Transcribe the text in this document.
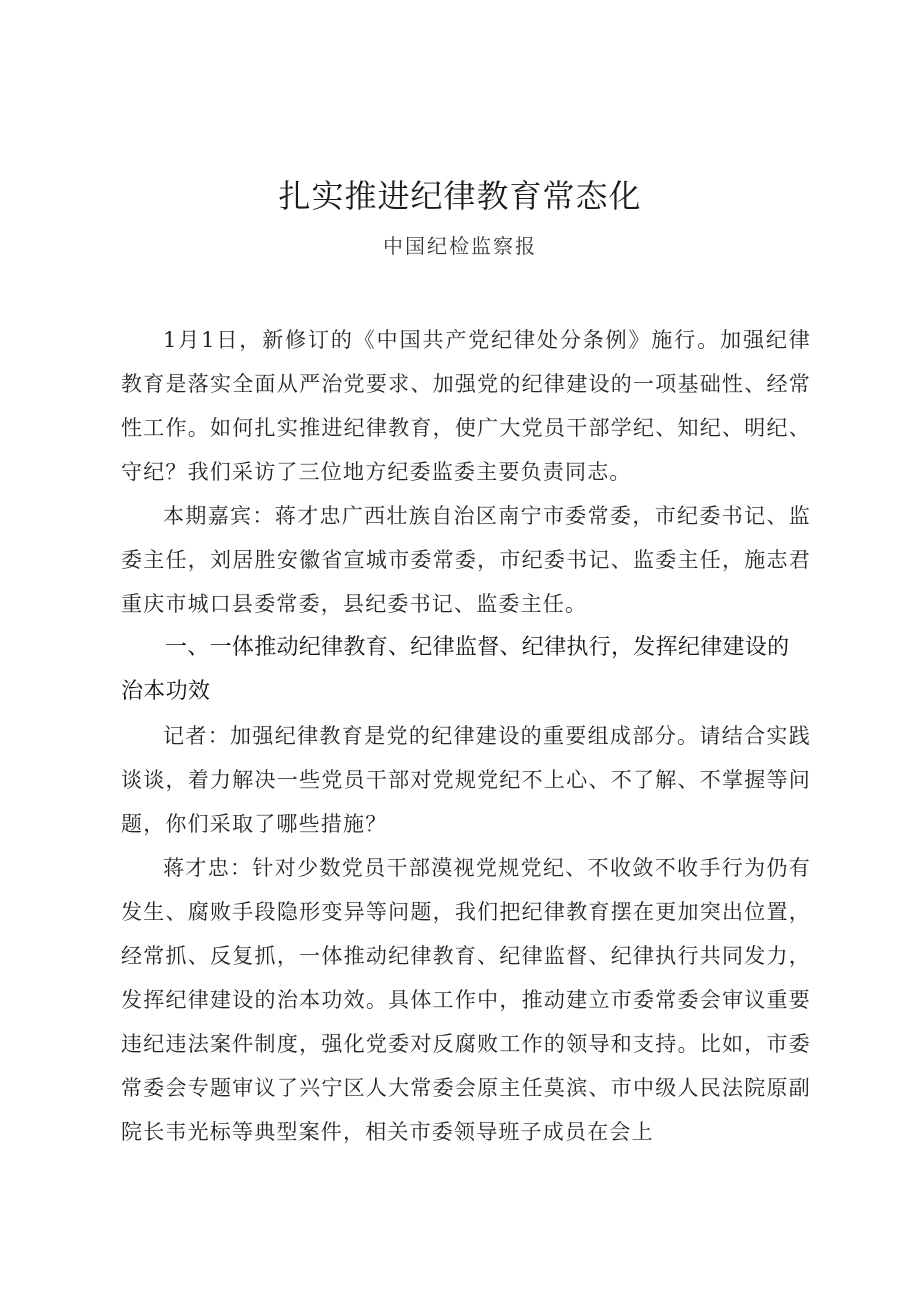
扎实推进纪律教育常态化
中国纪检监察报

1月1日，新修订的《中国共产党纪律处分条例》施行。加强纪律教育是落实全面从严治党要求、加强党的纪律建设的一项基础性、经常性工作。如何扎实推进纪律教育，使广大党员干部学纪、知纪、明纪、守纪？我们采访了三位地方纪委监委主要负责同志。

本期嘉宾：蒋才忠广西壮族自治区南宁市委常委，市纪委书记、监委主任，刘居胜安徽省宣城市委常委，市纪委书记、监委主任，施志君重庆市城口县委常委，县纪委书记、监委主任。

一、一体推动纪律教育、纪律监督、纪律执行，发挥纪律建设的治本功效

记者：加强纪律教育是党的纪律建设的重要组成部分。请结合实践谈谈，着力解决一些党员干部对党规党纪不上心、不了解、不掌握等问题，你们采取了哪些措施？

蒋才忠：针对少数党员干部漠视党规党纪、不收敛不收手行为仍有发生、腐败手段隐形变异等问题，我们把纪律教育摆在更加突出位置，经常抓、反复抓，一体推动纪律教育、纪律监督、纪律执行共同发力，发挥纪律建设的治本功效。具体工作中，推动建立市委常委会审议重要违纪违法案件制度，强化党委对反腐败工作的领导和支持。比如，市委常委会专题审议了兴宁区人大常委会原主任莫滨、市中级人民法院原副院长韦光标等典型案件，相关市委领导班子成员在会上
